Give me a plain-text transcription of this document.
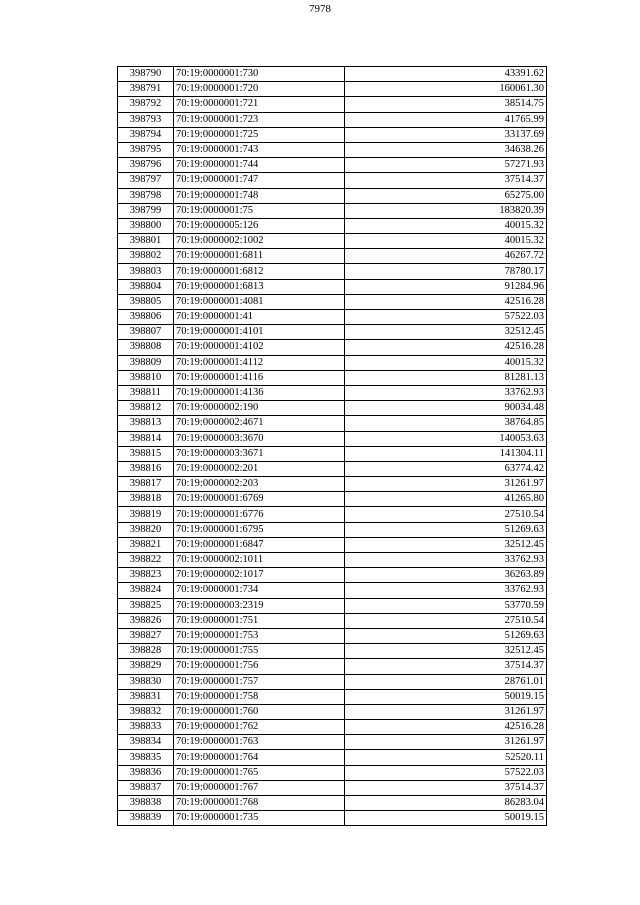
7978
398790	70:19:0000001:730	43391.62
398791	70:19:0000001:720	160061.30
398792	70:19:0000001:721	38514.75
398793	70:19:0000001:723	41765.99
398794	70:19:0000001:725	33137.69
398795	70:19:0000001:743	34638.26
398796	70:19:0000001:744	57271.93
398797	70:19:0000001:747	37514.37
398798	70:19:0000001:748	65275.00
398799	70:19:0000001:75	183820.39
398800	70:19:0000005:126	40015.32
398801	70:19:0000002:1002	40015.32
398802	70:19:0000001:6811	46267.72
398803	70:19:0000001:6812	78780.17
398804	70:19:0000001:6813	91284.96
398805	70:19:0000001:4081	42516.28
398806	70:19:0000001:41	57522.03
398807	70:19:0000001:4101	32512.45
398808	70:19:0000001:4102	42516.28
398809	70:19:0000001:4112	40015.32
398810	70:19:0000001:4116	81281.13
398811	70:19:0000001:4136	33762.93
398812	70:19:0000002:190	90034.48
398813	70:19:0000002:4671	38764.85
398814	70:19:0000003:3670	140053.63
398815	70:19:0000003:3671	141304.11
398816	70:19:0000002:201	63774.42
398817	70:19:0000002:203	31261.97
398818	70:19:0000001:6769	41265.80
398819	70:19:0000001:6776	27510.54
398820	70:19:0000001:6795	51269.63
398821	70:19:0000001:6847	32512.45
398822	70:19:0000002:1011	33762.93
398823	70:19:0000002:1017	36263.89
398824	70:19:0000001:734	33762.93
398825	70:19:0000003:2319	53770.59
398826	70:19:0000001:751	27510.54
398827	70:19:0000001:753	51269.63
398828	70:19:0000001:755	32512.45
398829	70:19:0000001:756	37514.37
398830	70:19:0000001:757	28761.01
398831	70:19:0000001:758	50019.15
398832	70:19:0000001:760	31261.97
398833	70:19:0000001:762	42516.28
398834	70:19:0000001:763	31261.97
398835	70:19:0000001:764	52520.11
398836	70:19:0000001:765	57522.03
398837	70:19:0000001:767	37514.37
398838	70:19:0000001:768	86283.04
398839	70:19:0000001:735	50019.15
